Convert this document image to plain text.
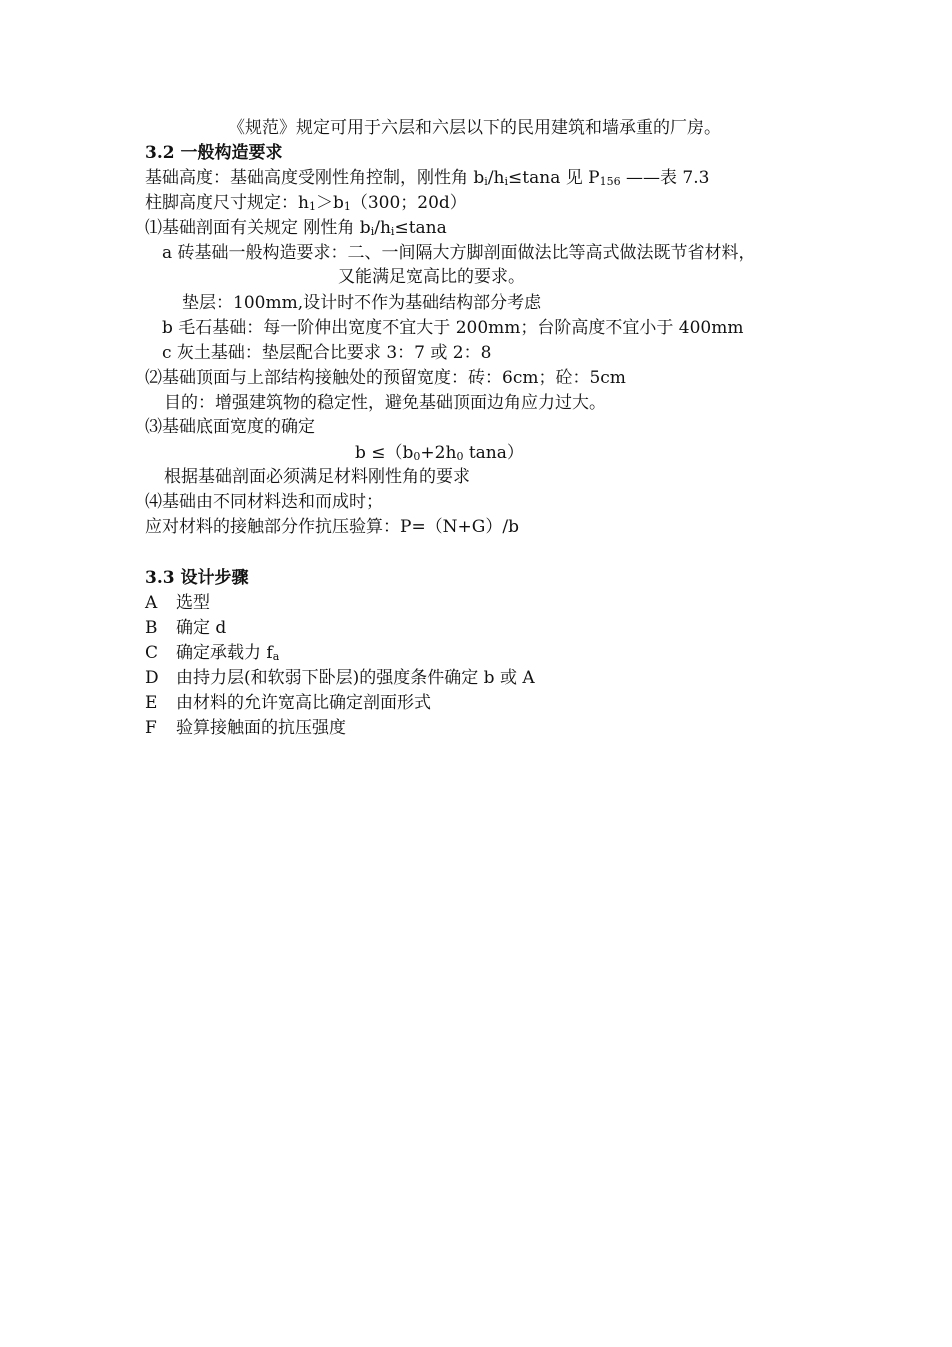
《规范》规定可用于六层和六层以下的民用建筑和墙承重的厂房。
3.2 一般构造要求
基础高度：基础高度受刚性角控制，刚性角 bi/hi≤tana 见 P156 ——表 7.3
柱脚高度尺寸规定：h1＞b1（300；20d）
⑴基础剖面有关规定 刚性角 bi/hi≤tana
a 砖基础一般构造要求：二、一间隔大方脚剖面做法比等高式做法既节省材料，
又能满足宽高比的要求。
垫层：100mm,设计时不作为基础结构部分考虑
b 毛石基础：每一阶伸出宽度不宜大于 200mm；台阶高度不宜小于 400mm
c 灰土基础：垫层配合比要求 3：7 或 2：8
⑵基础顶面与上部结构接触处的预留宽度：砖：6cm；砼：5cm
目的：增强建筑物的稳定性，避免基础顶面边角应力过大。
⑶基础底面宽度的确定
b ≤（b0+2h0 tana）
根据基础剖面必须满足材料刚性角的要求
⑷基础由不同材料迭和而成时；
应对材料的接触部分作抗压验算：P=（N+G）/b
3.3 设计步骤
A 选型
B 确定 d
C 确定承载力 fa
D 由持力层(和软弱下卧层)的强度条件确定 b 或 A
E 由材料的允许宽高比确定剖面形式
F 验算接触面的抗压强度
